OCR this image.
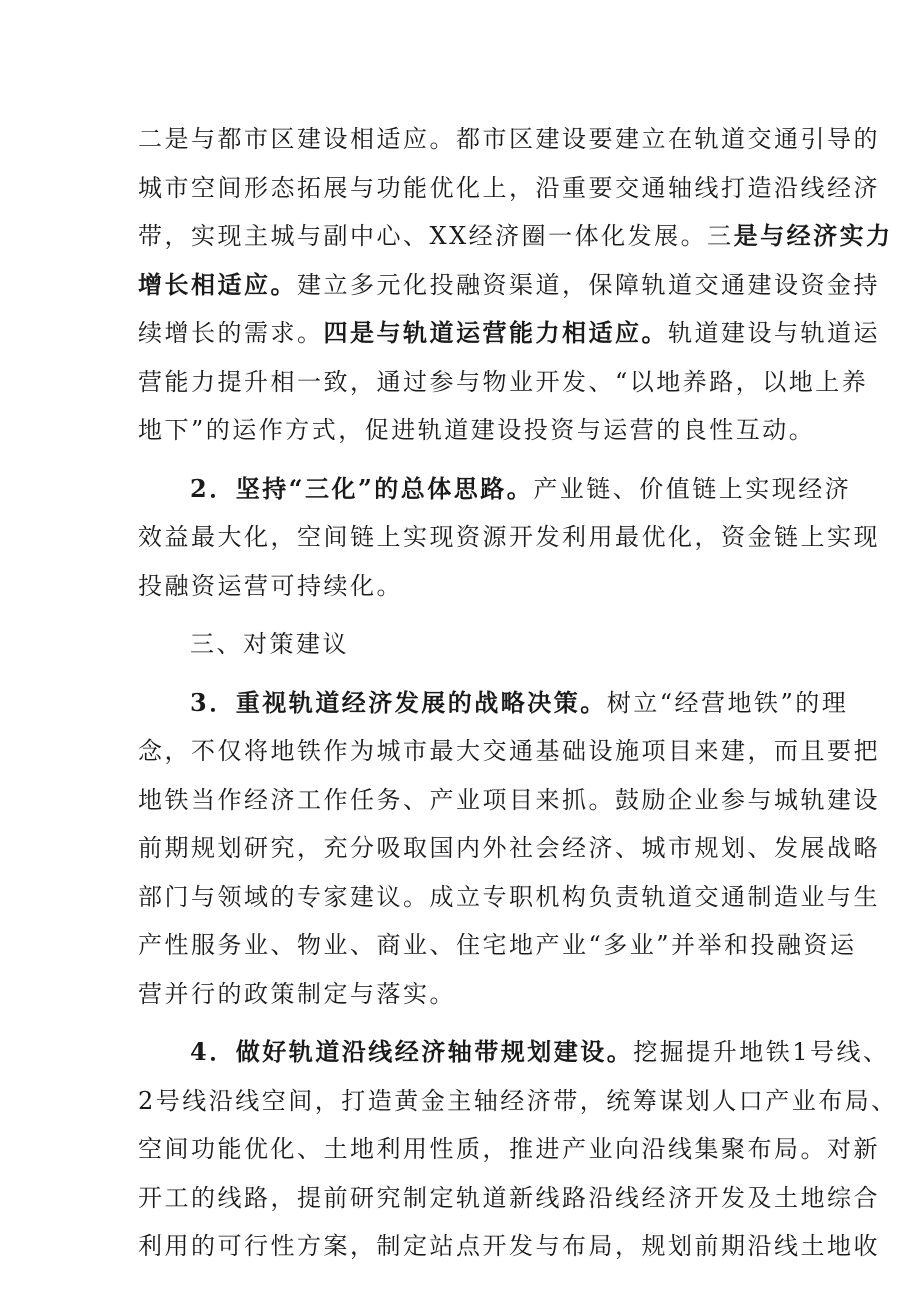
二是与都市区建设相适应。都市区建设要建立在轨道交通引导的
城市空间形态拓展与功能优化上，沿重要交通轴线打造沿线经济
带，实现主城与副中心、XX经济圈一体化发展。三是与经济实力
增长相适应。建立多元化投融资渠道，保障轨道交通建设资金持
续增长的需求。四是与轨道运营能力相适应。轨道建设与轨道运
营能力提升相一致，通过参与物业开发、“以地养路，以地上养
地下”的运作方式，促进轨道建设投资与运营的良性互动。
2．坚持“三化”的总体思路。产业链、价值链上实现经济
效益最大化，空间链上实现资源开发利用最优化，资金链上实现
投融资运营可持续化。
三、对策建议
3．重视轨道经济发展的战略决策。树立“经营地铁”的理
念，不仅将地铁作为城市最大交通基础设施项目来建，而且要把
地铁当作经济工作任务、产业项目来抓。鼓励企业参与城轨建设
前期规划研究，充分吸取国内外社会经济、城市规划、发展战略
部门与领域的专家建议。成立专职机构负责轨道交通制造业与生
产性服务业、物业、商业、住宅地产业“多业”并举和投融资运
营并行的政策制定与落实。
4．做好轨道沿线经济轴带规划建设。挖掘提升地铁1号线、
2号线沿线空间，打造黄金主轴经济带，统筹谋划人口产业布局、
空间功能优化、土地利用性质，推进产业向沿线集聚布局。对新
开工的线路，提前研究制定轨道新线路沿线经济开发及土地综合
利用的可行性方案，制定站点开发与布局，规划前期沿线土地收
